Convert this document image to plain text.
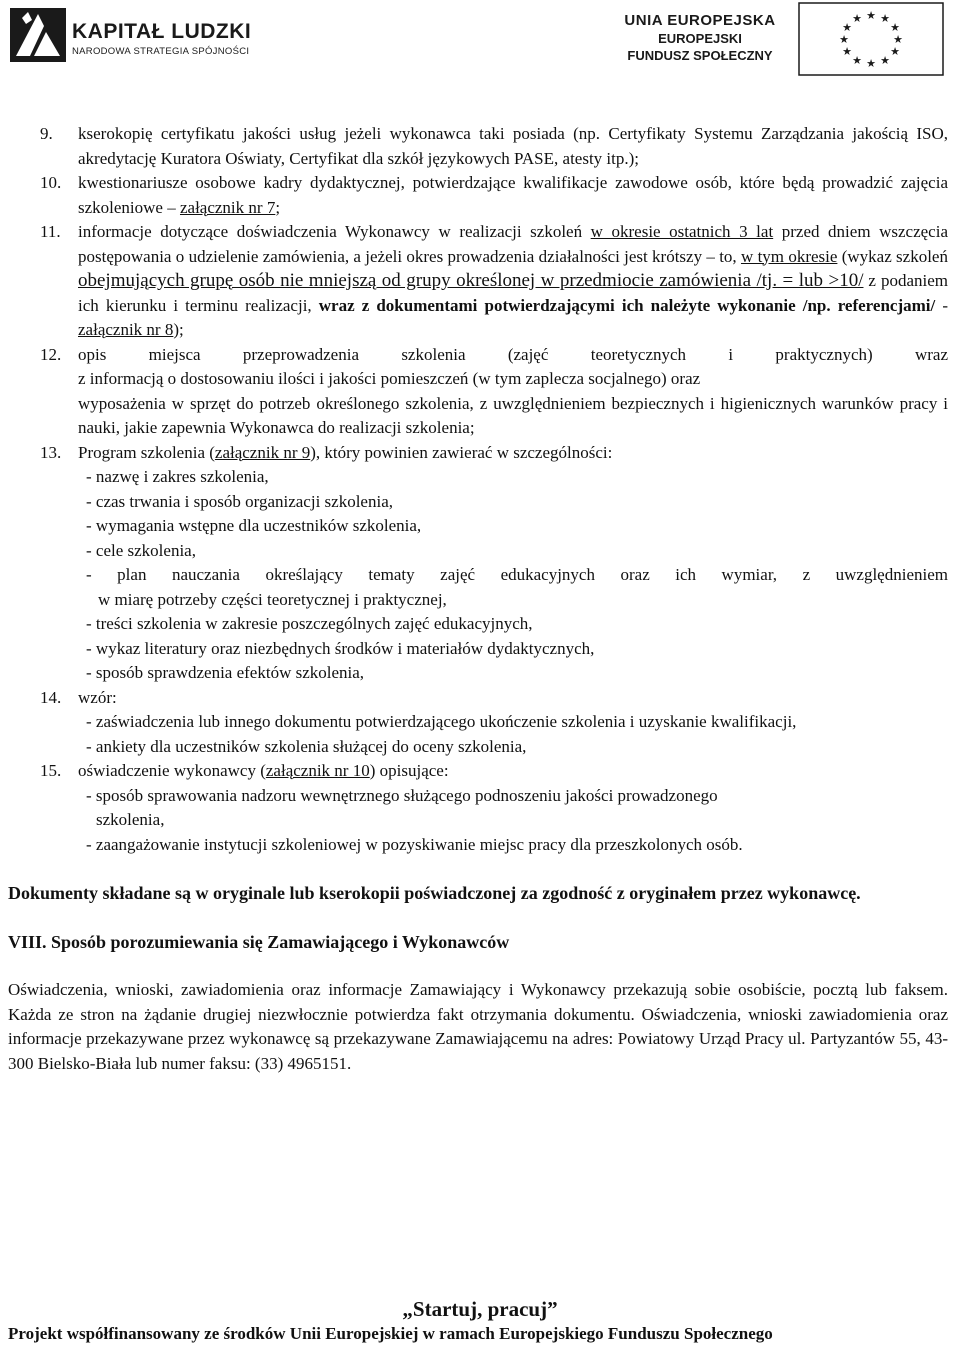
KAPITAŁ LUDZKI
NARODOWA STRATEGIA SPÓJNOŚCI
UNIA EUROPEJSKA
EUROPEJSKI
FUNDUSZ SPOŁECZNY
★ ★
★
★
★
★
★
★
★
★
★
★
9. kserokopię certyfikatu jakości usług jeżeli wykonawca taki posiada (np. Certyfikaty Systemu Zarządzania jakością ISO, akredytację Kuratora Oświaty, Certyfikat dla szkół językowych PASE, atesty itp.);
10. kwestionariusze osobowe kadry dydaktycznej, potwierdzające kwalifikacje zawodowe osób, które będą prowadzić zajęcia szkoleniowe – załącznik nr 7;
11. informacje dotyczące doświadczenia Wykonawcy w realizacji szkoleń w okresie ostatnich 3 lat przed dniem wszczęcia postępowania o udzielenie zamówienia, a jeżeli okres prowadzenia działalności jest krótszy – to, w tym okresie (wykaz szkoleń obejmujących grupę osób nie mniejszą od grupy określonej w przedmiocie zamówienia /tj. = lub >10/ z podaniem ich kierunku i terminu realizacji, wraz z dokumentami potwierdzającymi ich należyte wykonanie /np. referencjami/ - załącznik nr 8);
12. opis miejsca przeprowadzenia szkolenia (zajęć teoretycznych i praktycznych) wraz
z informacją o dostosowaniu ilości i jakości pomieszczeń (w tym zaplecza socjalnego) oraz
wyposażenia w sprzęt do potrzeb określonego szkolenia, z uwzględnieniem bezpiecznych i higienicznych warunków pracy i nauki, jakie zapewnia Wykonawca do realizacji szkolenia;
13. Program szkolenia (załącznik nr 9), który powinien zawierać w szczególności:
- nazwę i zakres szkolenia,
- czas trwania i sposób organizacji szkolenia,
- wymagania wstępne dla uczestników szkolenia,
- cele szkolenia,
- plan nauczania określający tematy zajęć edukacyjnych oraz ich wymiar, z uwzględnieniem
w miarę potrzeby części teoretycznej i praktycznej,
- treści szkolenia w zakresie poszczególnych zajęć edukacyjnych,
- wykaz literatury oraz niezbędnych środków i materiałów dydaktycznych,
- sposób sprawdzenia efektów szkolenia,
14. wzór:
- zaświadczenia lub innego dokumentu potwierdzającego ukończenie szkolenia i uzyskanie kwalifikacji,
- ankiety dla uczestników szkolenia służącej do oceny szkolenia,
15. oświadczenie wykonawcy (załącznik nr 10) opisujące:
- sposób sprawowania nadzoru wewnętrznego służącego podnoszeniu jakości prowadzonego
szkolenia,
- zaangażowanie instytucji szkoleniowej w pozyskiwanie miejsc pracy dla przeszkolonych osób.
Dokumenty składane są w oryginale lub kserokopii poświadczonej za zgodność z oryginałem przez wykonawcę.
VIII. Sposób porozumiewania się Zamawiającego i Wykonawców
Oświadczenia, wnioski, zawiadomienia oraz informacje Zamawiający i Wykonawcy przekazują sobie osobiście, pocztą lub faksem. Każda ze stron na żądanie drugiej niezwłocznie potwierdza fakt otrzymania dokumentu. Oświadczenia, wnioski zawiadomienia oraz informacje przekazywane przez wykonawcę są przekazywane Zamawiającemu na adres: Powiatowy Urząd Pracy ul. Partyzantów 55, 43-300 Bielsko-Biała lub numer faksu: (33) 4965151.
„Startuj, pracuj”
Projekt współfinansowany ze środków Unii Europejskiej w ramach Europejskiego Funduszu Społecznego
